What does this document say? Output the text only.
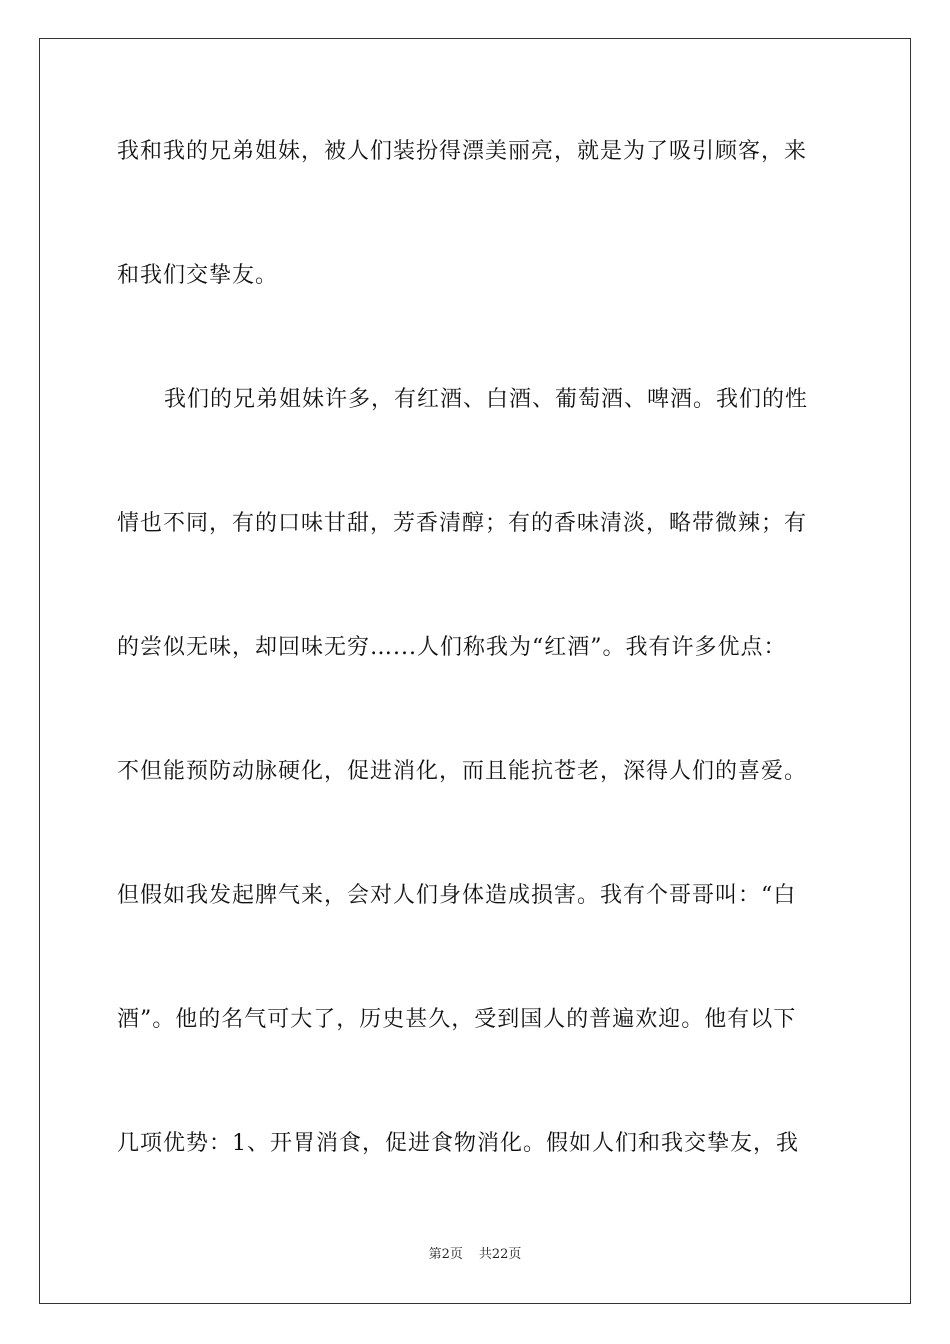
我和我的兄弟姐妹，被人们装扮得漂美丽亮，就是为了吸引顾客，来
和我们交挚友。
我们的兄弟姐妹许多，有红酒、白酒、葡萄酒、啤酒。我们的性
情也不同，有的口味甘甜，芳香清醇；有的香味清淡，略带微辣；有
的尝似无味，却回味无穷…...人们称我为“红酒”。我有许多优点：
不但能预防动脉硬化，促进消化，而且能抗苍老，深得人们的喜爱。
但假如我发起脾气来，会对人们身体造成损害。我有个哥哥叫：“白
酒”。他的名气可大了，历史甚久，受到国人的普遍欢迎。他有以下
几项优势：1、开胃消食，促进食物消化。假如人们和我交挚友，我
第2页 共22页
